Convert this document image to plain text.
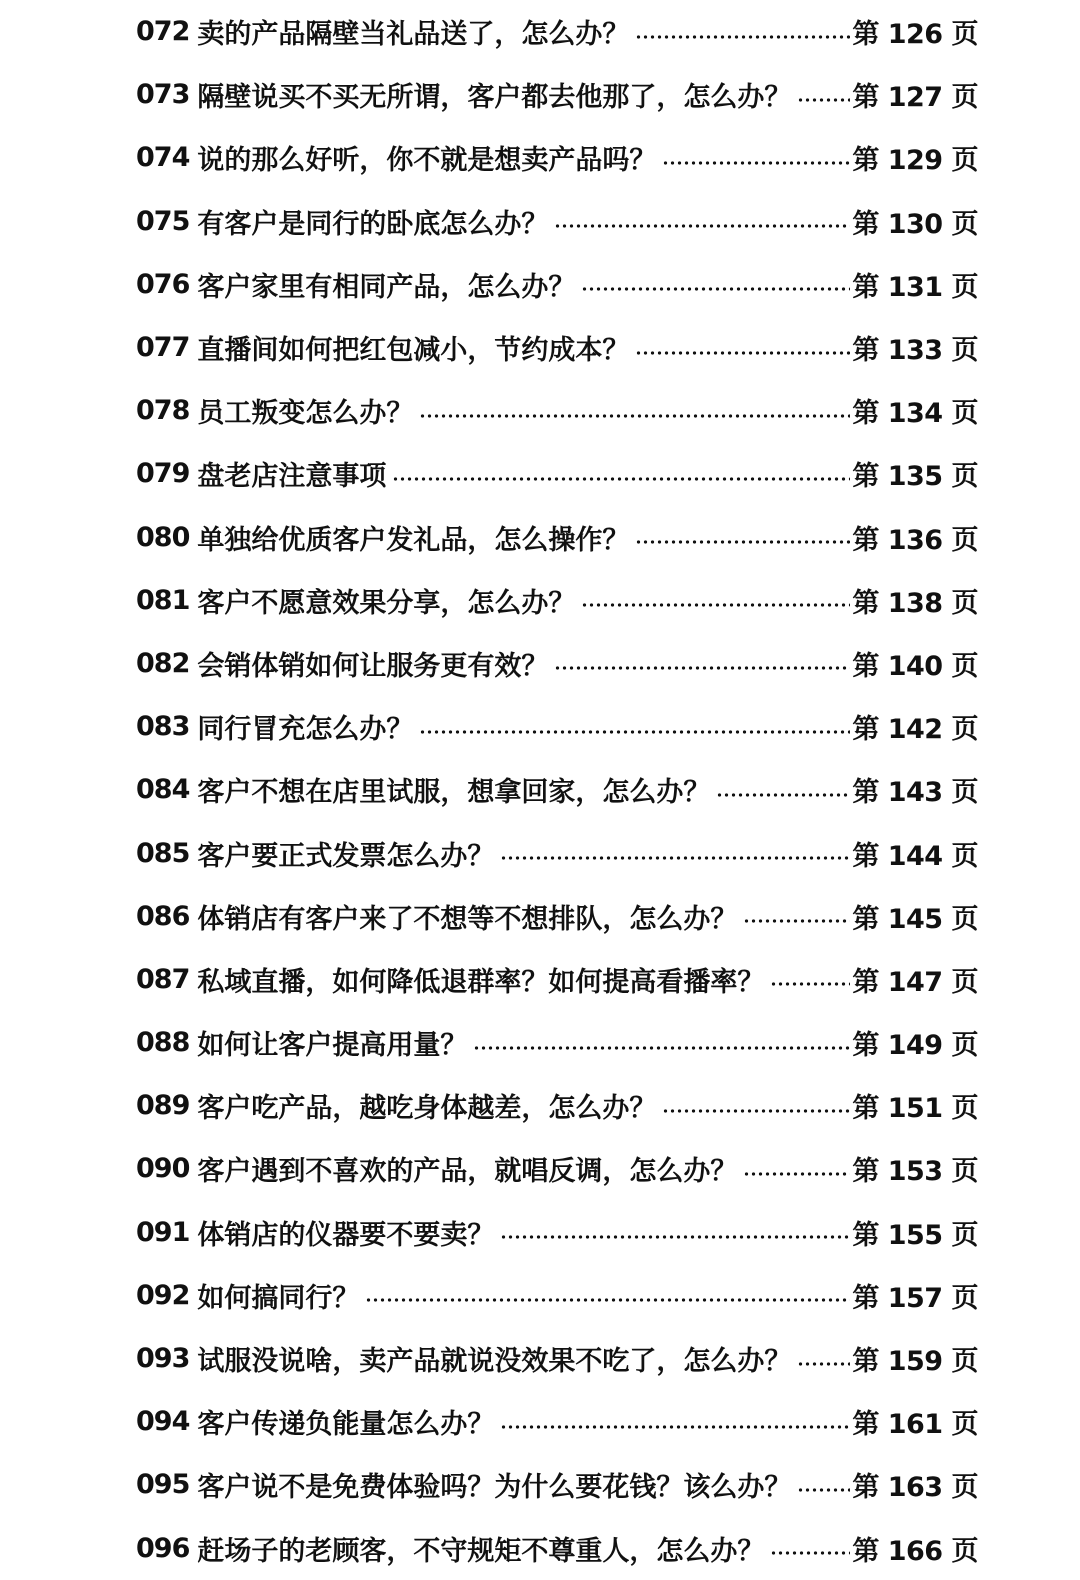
072 卖的产品隔壁当礼品送了，怎么办？	第 126 页
073 隔壁说买不买无所谓，客户都去他那了，怎么办？ 第 127 页
074 说的那么好听，你不就是想卖产品吗？	第 129 页
075 有客户是同行的卧底怎么办？	第 130 页
076 客户家里有相同产品，怎么办？	第 131 页
077 直播间如何把红包减小，节约成本？	第 133 页
078 员工叛变怎么办？	第 134 页
079 盘老店注意事项	第 135 页
080 单独给优质客户发礼品，怎么操作？	第 136 页
081 客户不愿意效果分享，怎么办？	第 138 页
082 会销体销如何让服务更有效？	第 140 页
083 同行冒充怎么办？	第 142 页
084 客户不想在店里试服，想拿回家，怎么办？	第 143 页
085 客户要正式发票怎么办？	第 144 页
086 体销店有客户来了不想等不想排队，怎么办？	第 145 页
087 私域直播，如何降低退群率？如何提高看播率？	第 147 页
088 如何让客户提高用量？	第 149 页
089 客户吃产品，越吃身体越差，怎么办？	第 151 页
090 客户遇到不喜欢的产品，就唱反调，怎么办？	第 153 页
091 体销店的仪器要不要卖？	第 155 页
092 如何搞同行？	第 157 页
093 试服没说啥，卖产品就说没效果不吃了，怎么办？ 第 159 页
094 客户传递负能量怎么办？	第 161 页
095 客户说不是免费体验吗？为什么要花钱？该么办？ 第 163 页
096 赶场子的老顾客，不守规矩不尊重人，怎么办？	第 166 页
